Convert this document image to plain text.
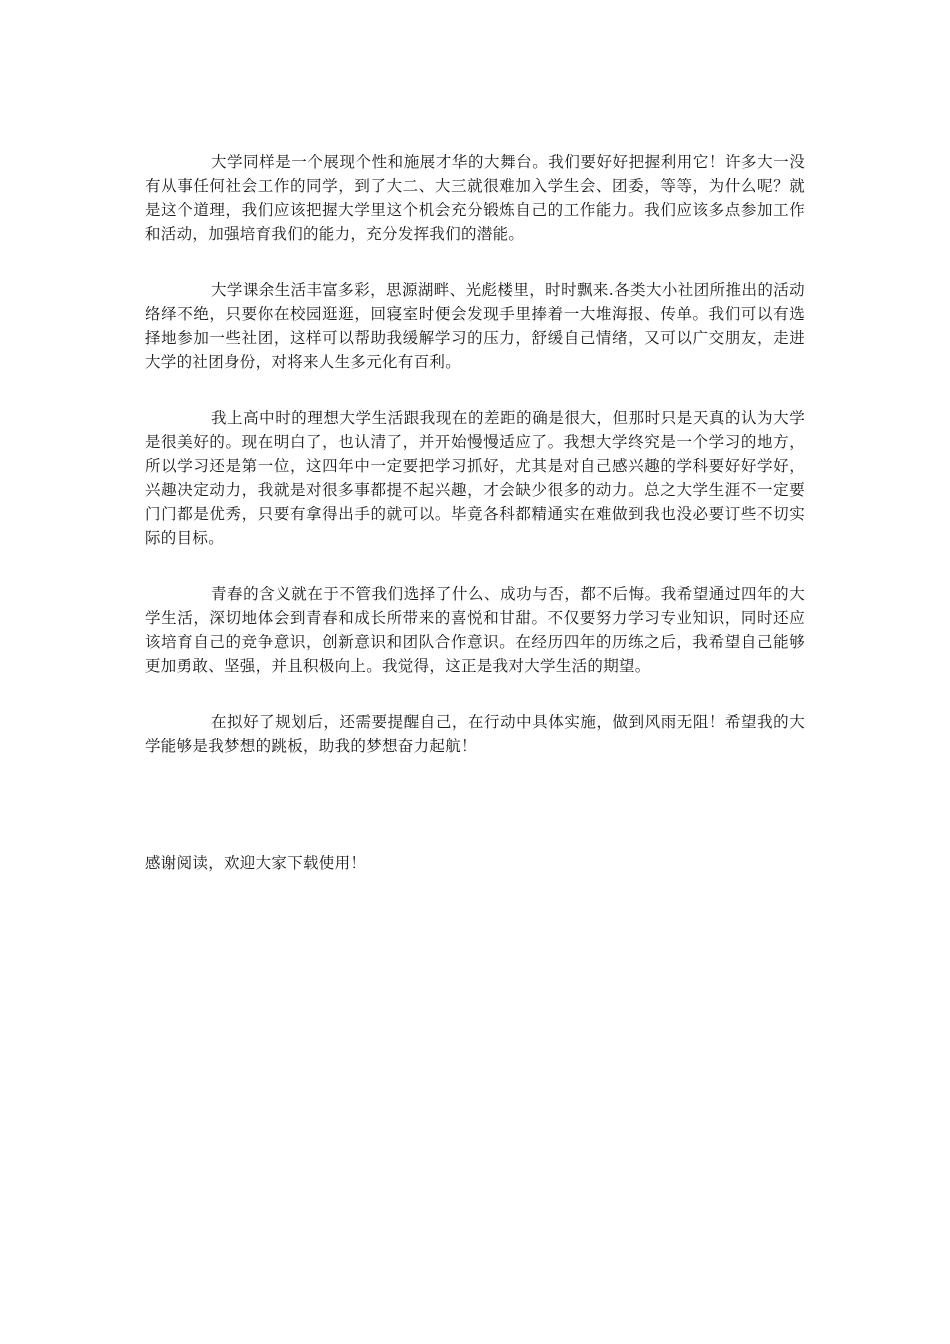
大学同样是一个展现个性和施展才华的大舞台。我们要好好把握利用它！许多大一没有从事任何社会工作的同学，到了大二、大三就很难加入学生会、团委，等等，为什么呢？就是这个道理，我们应该把握大学里这个机会充分锻炼自己的工作能力。我们应该多点参加工作和活动，加强培育我们的能力，充分发挥我们的潜能。

大学课余生活丰富多彩，思源湖畔、光彪楼里，时时飘来.各类大小社团所推出的活动络绎不绝，只要你在校园逛逛，回寝室时便会发现手里捧着一大堆海报、传单。我们可以有选择地参加一些社团，这样可以帮助我缓解学习的压力，舒缓自己情绪，又可以广交朋友，走进大学的社团身份，对将来人生多元化有百利。

我上高中时的理想大学生活跟我现在的差距的确是很大，但那时只是天真的认为大学是很美好的。现在明白了，也认清了，并开始慢慢适应了。我想大学终究是一个学习的地方，所以学习还是第一位，这四年中一定要把学习抓好，尤其是对自己感兴趣的学科要好好学好，兴趣决定动力，我就是对很多事都提不起兴趣，才会缺少很多的动力。总之大学生涯不一定要门门都是优秀，只要有拿得出手的就可以。毕竟各科都精通实在难做到我也没必要订些不切实际的目标。

青春的含义就在于不管我们选择了什么、成功与否，都不后悔。我希望通过四年的大学生活，深切地体会到青春和成长所带来的喜悦和甘甜。不仅要努力学习专业知识，同时还应该培育自己的竞争意识，创新意识和团队合作意识。在经历四年的历练之后，我希望自己能够更加勇敢、坚强，并且积极向上。我觉得，这正是我对大学生活的期望。

在拟好了规划后，还需要提醒自己，在行动中具体实施，做到风雨无阻！希望我的大学能够是我梦想的跳板，助我的梦想奋力起航！

感谢阅读，欢迎大家下载使用！
